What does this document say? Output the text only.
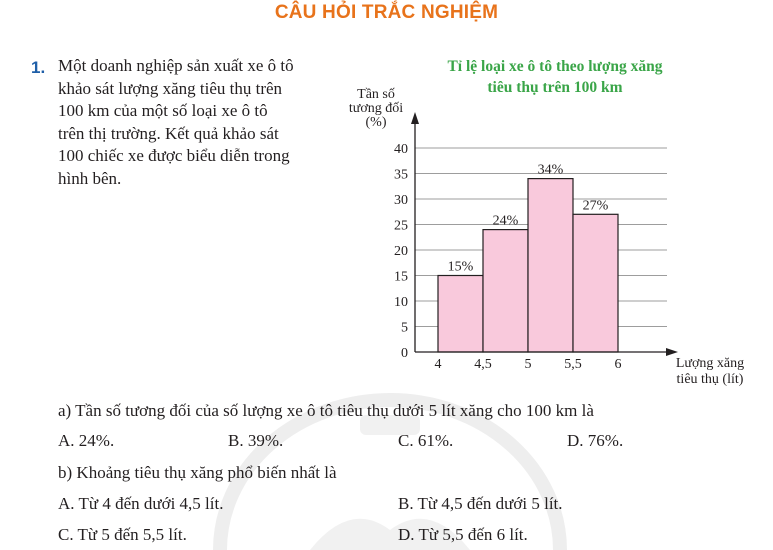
CÂU HỎI TRẮC NGHIỆM
1. Một doanh nghiệp sản xuất xe ô tô
khảo sát lượng xăng tiêu thụ trên
100 km của một số loại xe ô tô
trên thị trường. Kết quả khảo sát
100 chiếc xe được biểu diễn trong
hình bên.
Tỉ lệ loại xe ô tô theo lượng xăng
tiêu thụ trên 100 km
Tần số
tương đối
(%)
Lượng xăng
tiêu thụ (lít)
0
5
10
15
20
25
30
35
40
15%
24%
34%
27%
4 4,5 5 5,5 6
a) Tần số tương đối của số lượng xe ô tô tiêu thụ dưới 5 lít xăng cho 100 km là
A. 24%.	B. 39%.	C. 61%.	D. 76%.
b) Khoảng tiêu thụ xăng phổ biến nhất là
A. Từ 4 đến dưới 4,5 lít.	B. Từ 4,5 đến dưới 5 lít.
C. Từ 5 đến 5,5 lít.	D. Từ 5,5 đến 6 lít.
